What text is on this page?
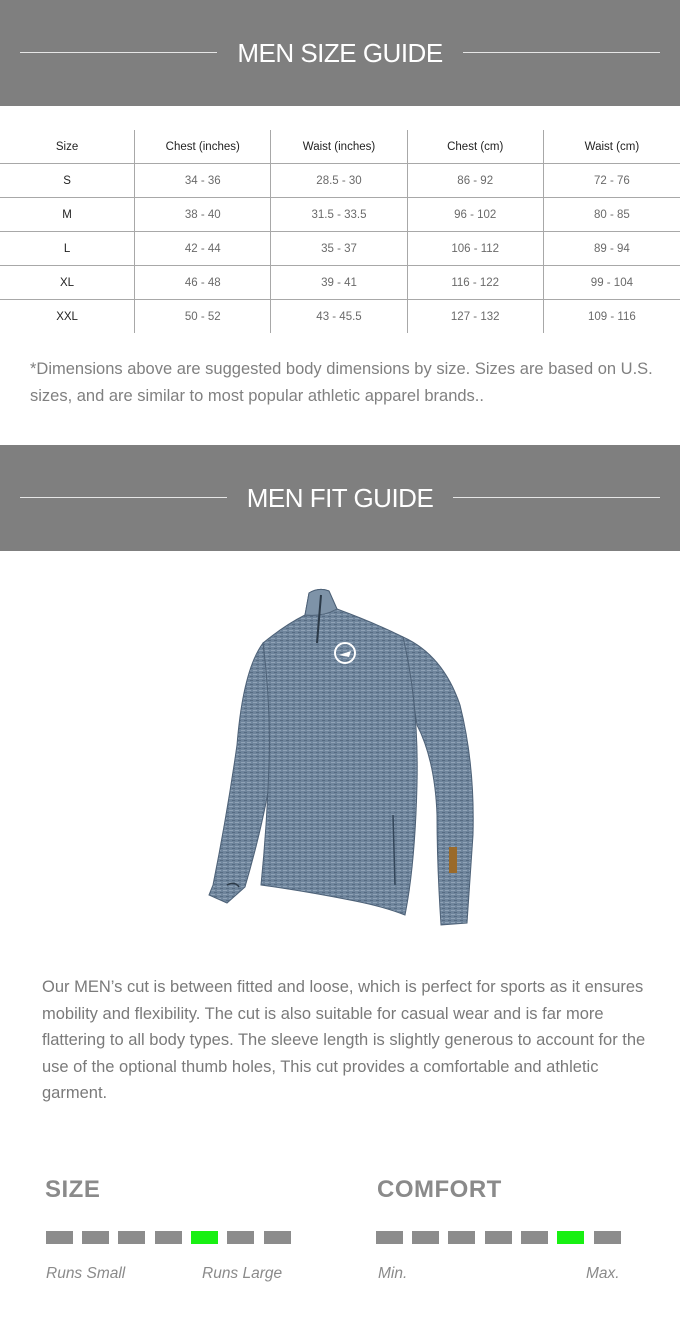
MEN SIZE GUIDE
Size	Chest (inches)	Waist (inches)	Chest (cm)	Waist (cm)
S	34 - 36	28.5 - 30	86 - 92	72 - 76
M	38 - 40	31.5 - 33.5	96 - 102	80 - 85
L	42 - 44	35 - 37	106 - 112	89 - 94
XL	46 - 48	39 - 41	116 - 122	99 - 104
XXL	50 - 52	43 - 45.5	127 - 132	109 - 116
*Dimensions above are suggested body dimensions by size. Sizes are based on U.S. sizes, and are similar to most popular athletic apparel brands..
MEN FIT GUIDE
Our MEN’s cut is between fitted and loose, which is perfect for sports as it ensures mobility and flexibility. The cut is also suitable for casual wear and is far more flattering to all body types. The sleeve length is slightly generous to account for the use of the optional thumb holes, This cut provides a comfortable and athletic garment.
SIZE
Runs Small	Runs Large
COMFORT
Min.	Max.
